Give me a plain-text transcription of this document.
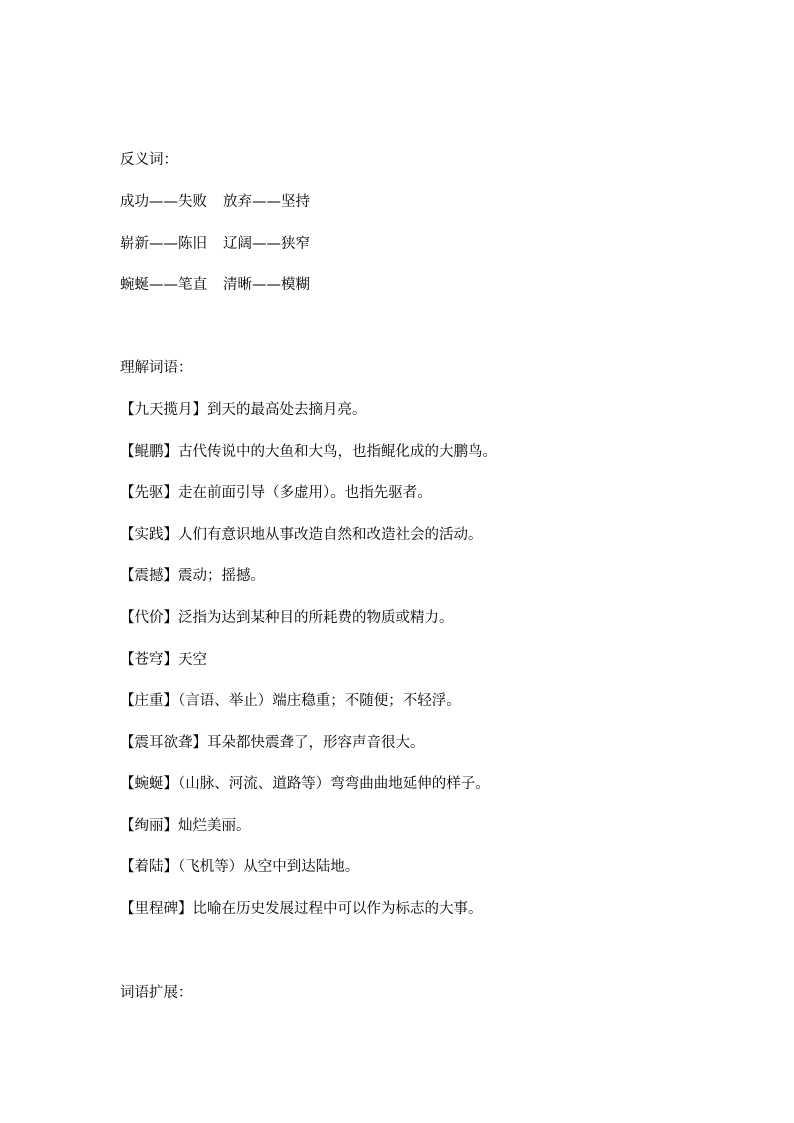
反义词：
成功——失败 放弃——坚持
崭新——陈旧 辽阔——狭窄
蜿蜒——笔直 清晰——模糊
理解词语：
【九天揽月】到天的最高处去摘月亮。
【鲲鹏】古代传说中的大鱼和大鸟，也指鲲化成的大鹏鸟。
【先驱】走在前面引导（多虚用）。也指先驱者。
【实践】人们有意识地从事改造自然和改造社会的活动。
【震撼】震动；摇撼。
【代价】泛指为达到某种目的所耗费的物质或精力。
【苍穹】天空
【庄重】（言语、举止）端庄稳重；不随便；不轻浮。
【震耳欲聋】耳朵都快震聋了，形容声音很大。
【蜿蜒】（山脉、河流、道路等）弯弯曲曲地延伸的样子。
【绚丽】灿烂美丽。
【着陆】（飞机等）从空中到达陆地。
【里程碑】比喻在历史发展过程中可以作为标志的大事。
词语扩展：
